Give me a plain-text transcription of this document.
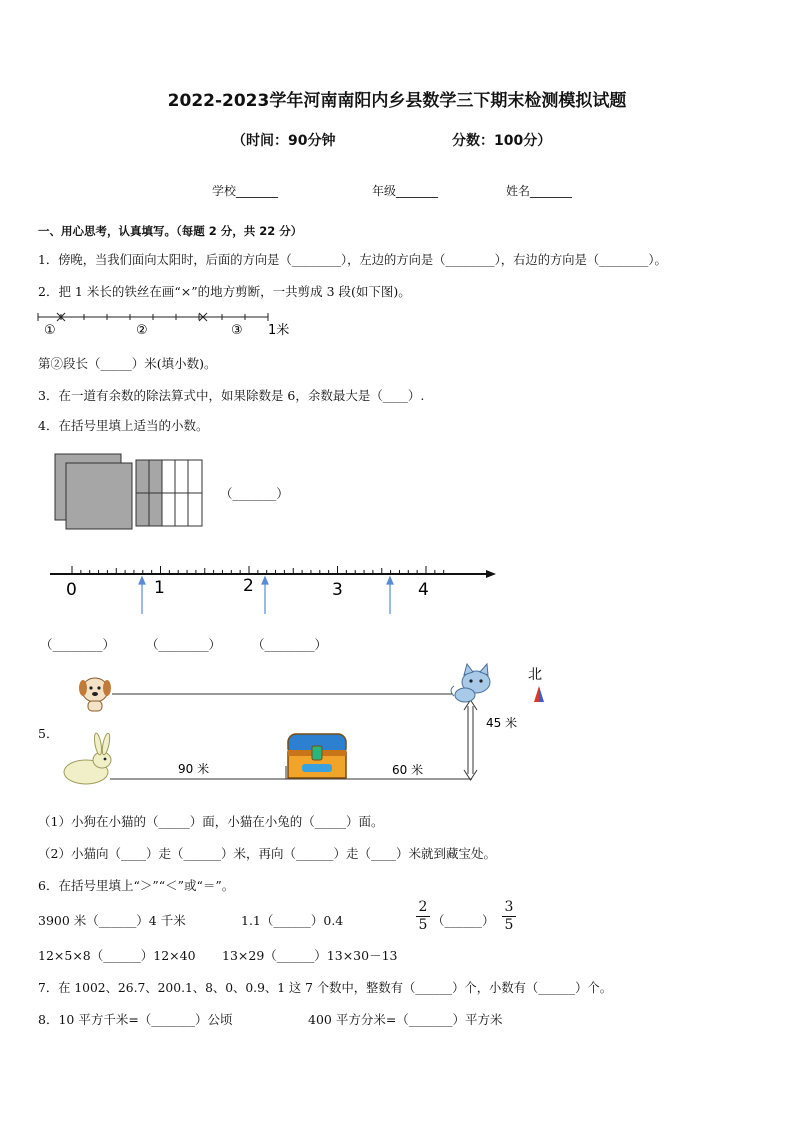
2022-2023学年河南南阳内乡县数学三下期末检测模拟试题
（时间：90分钟	分数：100分）
学校_______	年级_______	姓名_______
一、用心思考，认真填写。（每题 2 分，共 22 分）
1．傍晚，当我们面向太阳时，后面的方向是（________），左边的方向是（________），右边的方向是（________）。
2．把 1 米长的铁丝在画“×”的地方剪断，一共剪成 3 段(如下图)。
①	②	③ 1米
第②段长（_____）米(填小数)。
3．在一道有余数的除法算式中，如果除数是 6，余数最大是（____）.
4．在括号里填上适当的小数。
（_______）
0	1	2	3	4
（________） （________） （________）
5．
北
45 米
90 米	60 米
（1）小狗在小猫的（_____）面，小猫在小兔的（_____）面。
（2）小猫向（____）走（______）米，再向（______）走（____）米就到藏宝处。
6．在括号里填上“＞”“＜”或“＝”。
3900 米（______）4 千米	1.1（______）0.4	$\frac{2}{5}$ （______） $\frac{3}{5}$
12×5×8（______）12×40 13×29（______）13×30－13
7．在 1002、26.7、200.1、8、0、0.9、1 这 7 个数中，整数有（______）个，小数有（______）个。
8．10 平方千米=（_______）公顷	400 平方分米=（_______）平方米
